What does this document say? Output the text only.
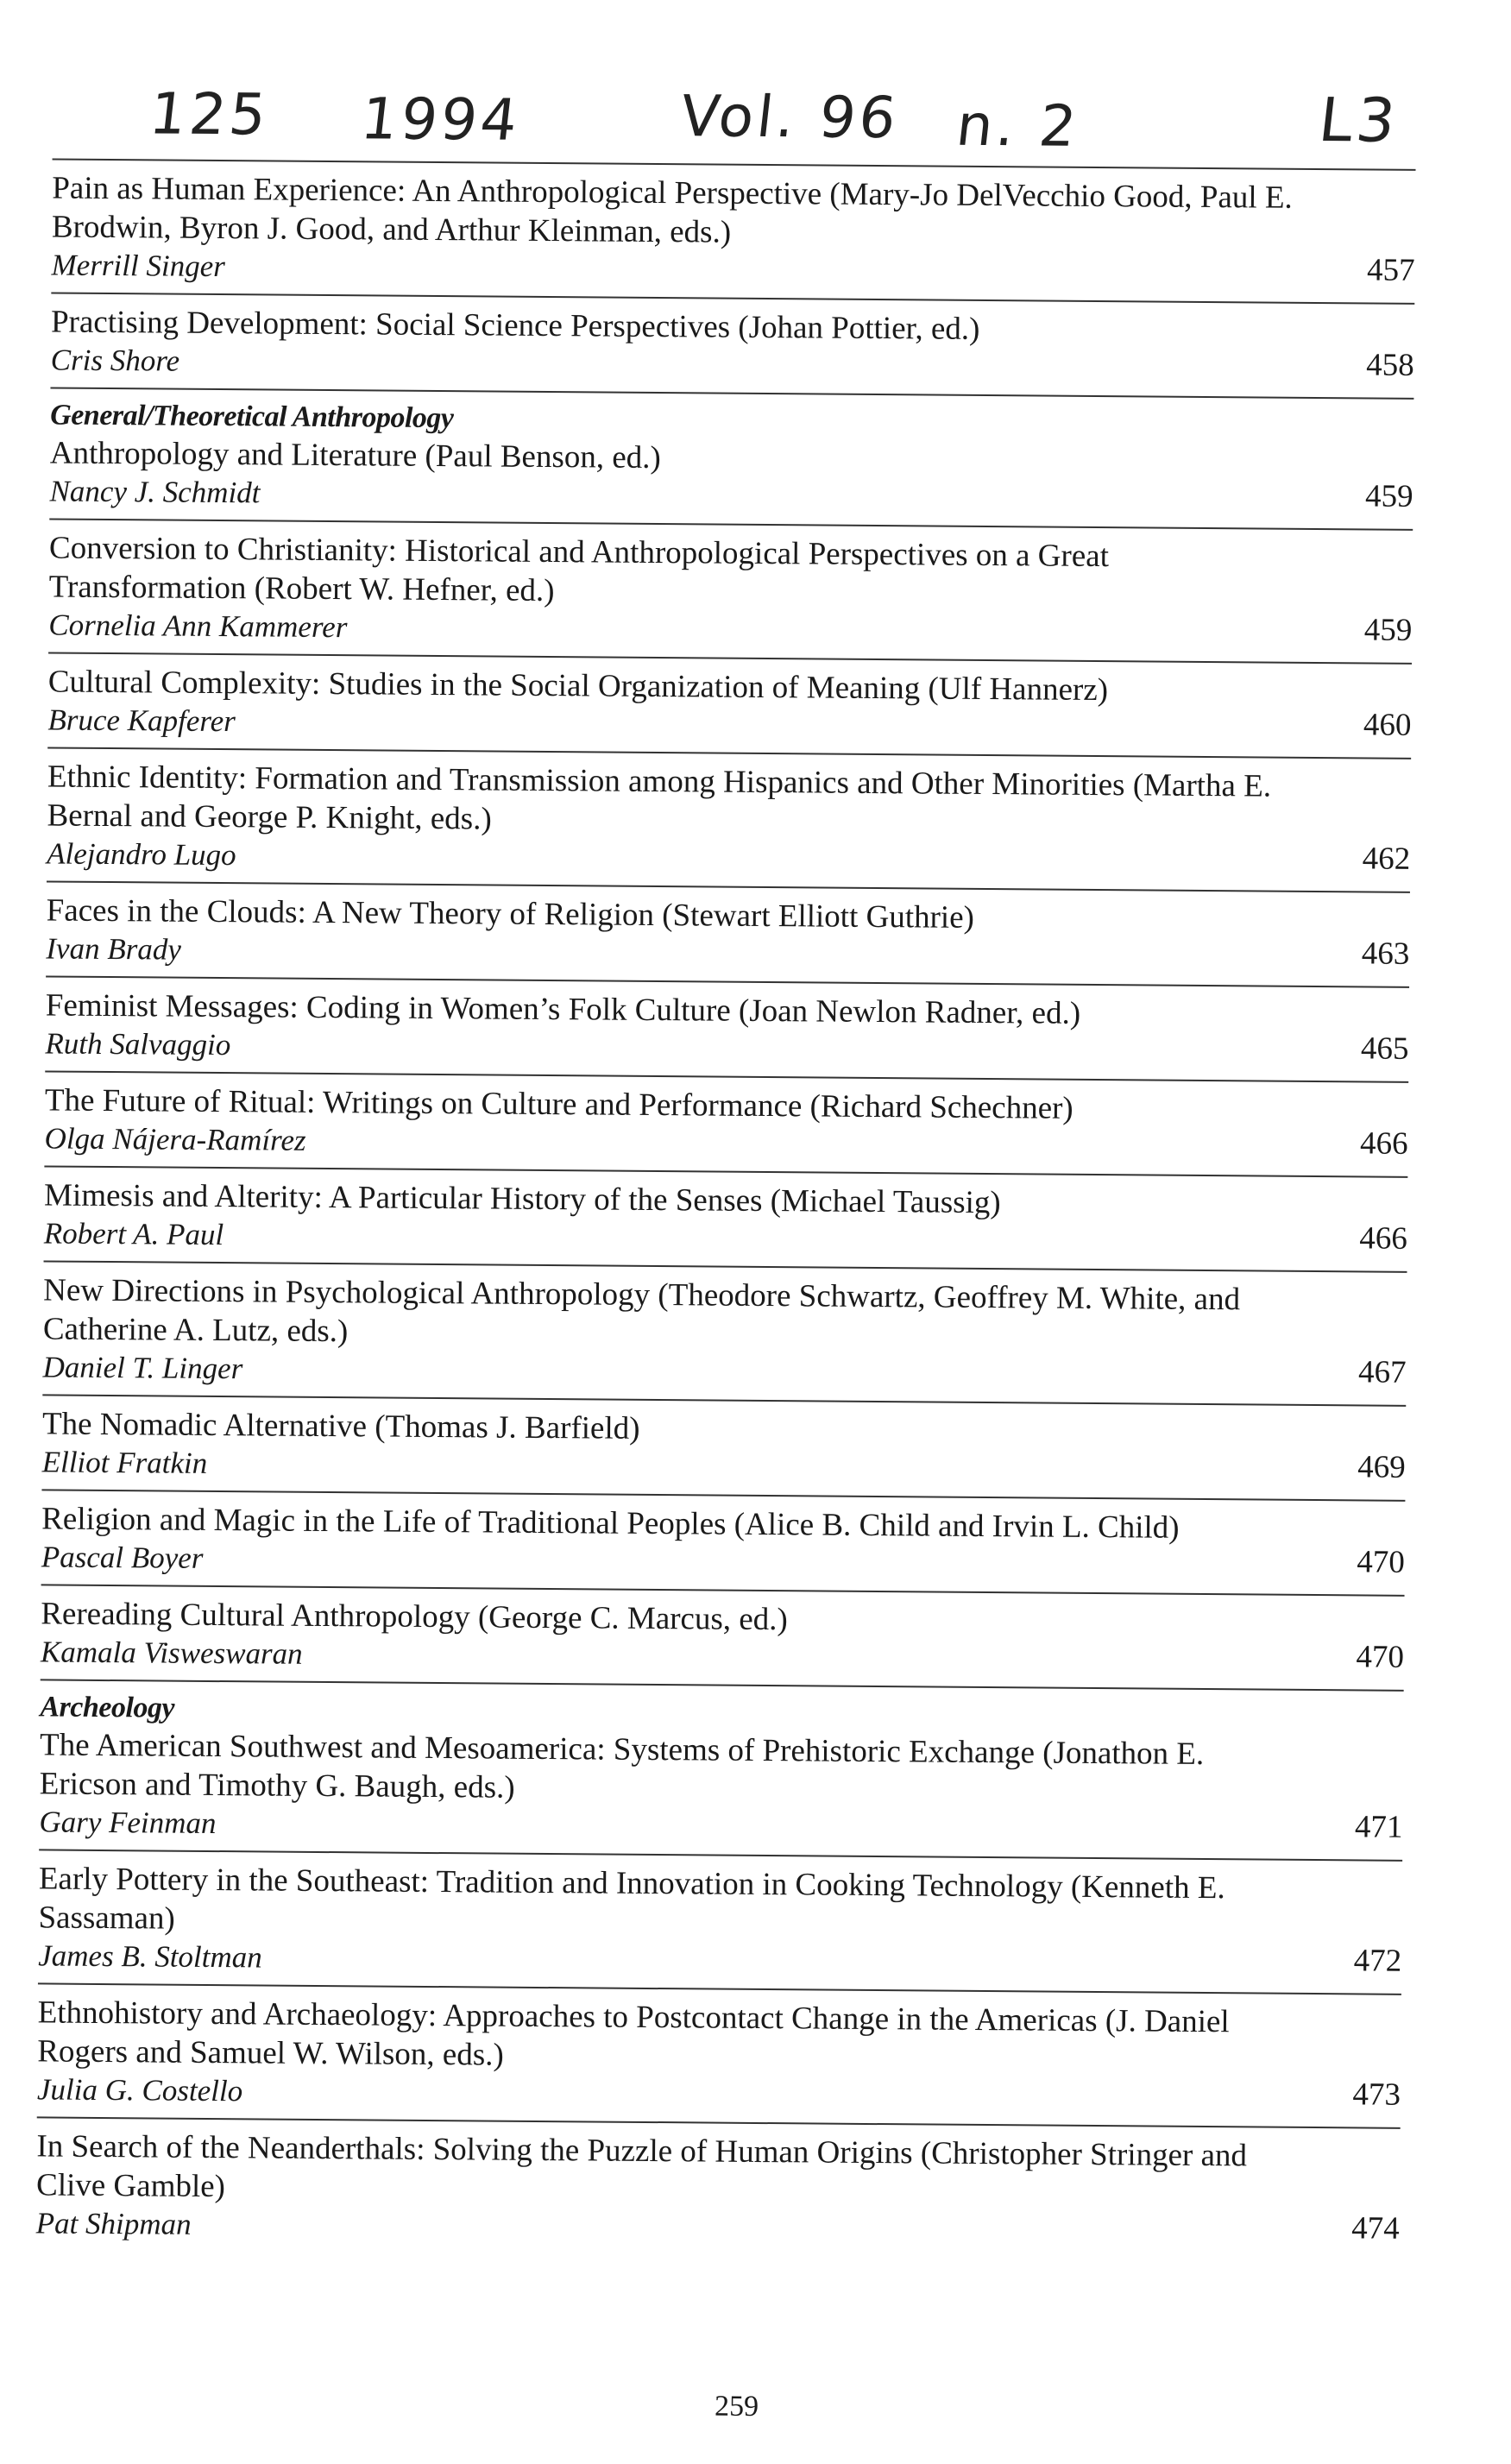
125 1994	Vol. 96 n. 2	L3
Pain as Human Experience: An Anthropological Perspective (Mary-Jo DelVecchio Good, Paul E. Brodwin, Byron J. Good, and Arthur Kleinman, eds.)
Merrill Singer	457
Practising Development: Social Science Perspectives (Johan Pottier, ed.)
Cris Shore	458
General/Theoretical Anthropology
Anthropology and Literature (Paul Benson, ed.)
Nancy J. Schmidt	459
Conversion to Christianity: Historical and Anthropological Perspectives on a Great Transformation (Robert W. Hefner, ed.)
Cornelia Ann Kammerer	459
Cultural Complexity: Studies in the Social Organization of Meaning (Ulf Hannerz)
Bruce Kapferer	460
Ethnic Identity: Formation and Transmission among Hispanics and Other Minorities (Martha E. Bernal and George P. Knight, eds.)
Alejandro Lugo	462
Faces in the Clouds: A New Theory of Religion (Stewart Elliott Guthrie)
Ivan Brady	463
Feminist Messages: Coding in Women’s Folk Culture (Joan Newlon Radner, ed.)
Ruth Salvaggio	465
The Future of Ritual: Writings on Culture and Performance (Richard Schechner)
Olga Nájera-Ramírez	466
Mimesis and Alterity: A Particular History of the Senses (Michael Taussig)
Robert A. Paul	466
New Directions in Psychological Anthropology (Theodore Schwartz, Geoffrey M. White, and Catherine A. Lutz, eds.)
Daniel T. Linger	467
The Nomadic Alternative (Thomas J. Barfield)
Elliot Fratkin	469
Religion and Magic in the Life of Traditional Peoples (Alice B. Child and Irvin L. Child)
Pascal Boyer	470
Rereading Cultural Anthropology (George C. Marcus, ed.)
Kamala Visweswaran	470
Archeology
The American Southwest and Mesoamerica: Systems of Prehistoric Exchange (Jonathon E. Ericson and Timothy G. Baugh, eds.)
Gary Feinman	471
Early Pottery in the Southeast: Tradition and Innovation in Cooking Technology (Kenneth E. Sassaman)
James B. Stoltman	472
Ethnohistory and Archaeology: Approaches to Postcontact Change in the Americas (J. Daniel Rogers and Samuel W. Wilson, eds.)
Julia G. Costello	473
In Search of the Neanderthals: Solving the Puzzle of Human Origins (Christopher Stringer and Clive Gamble)
Pat Shipman	474
259
